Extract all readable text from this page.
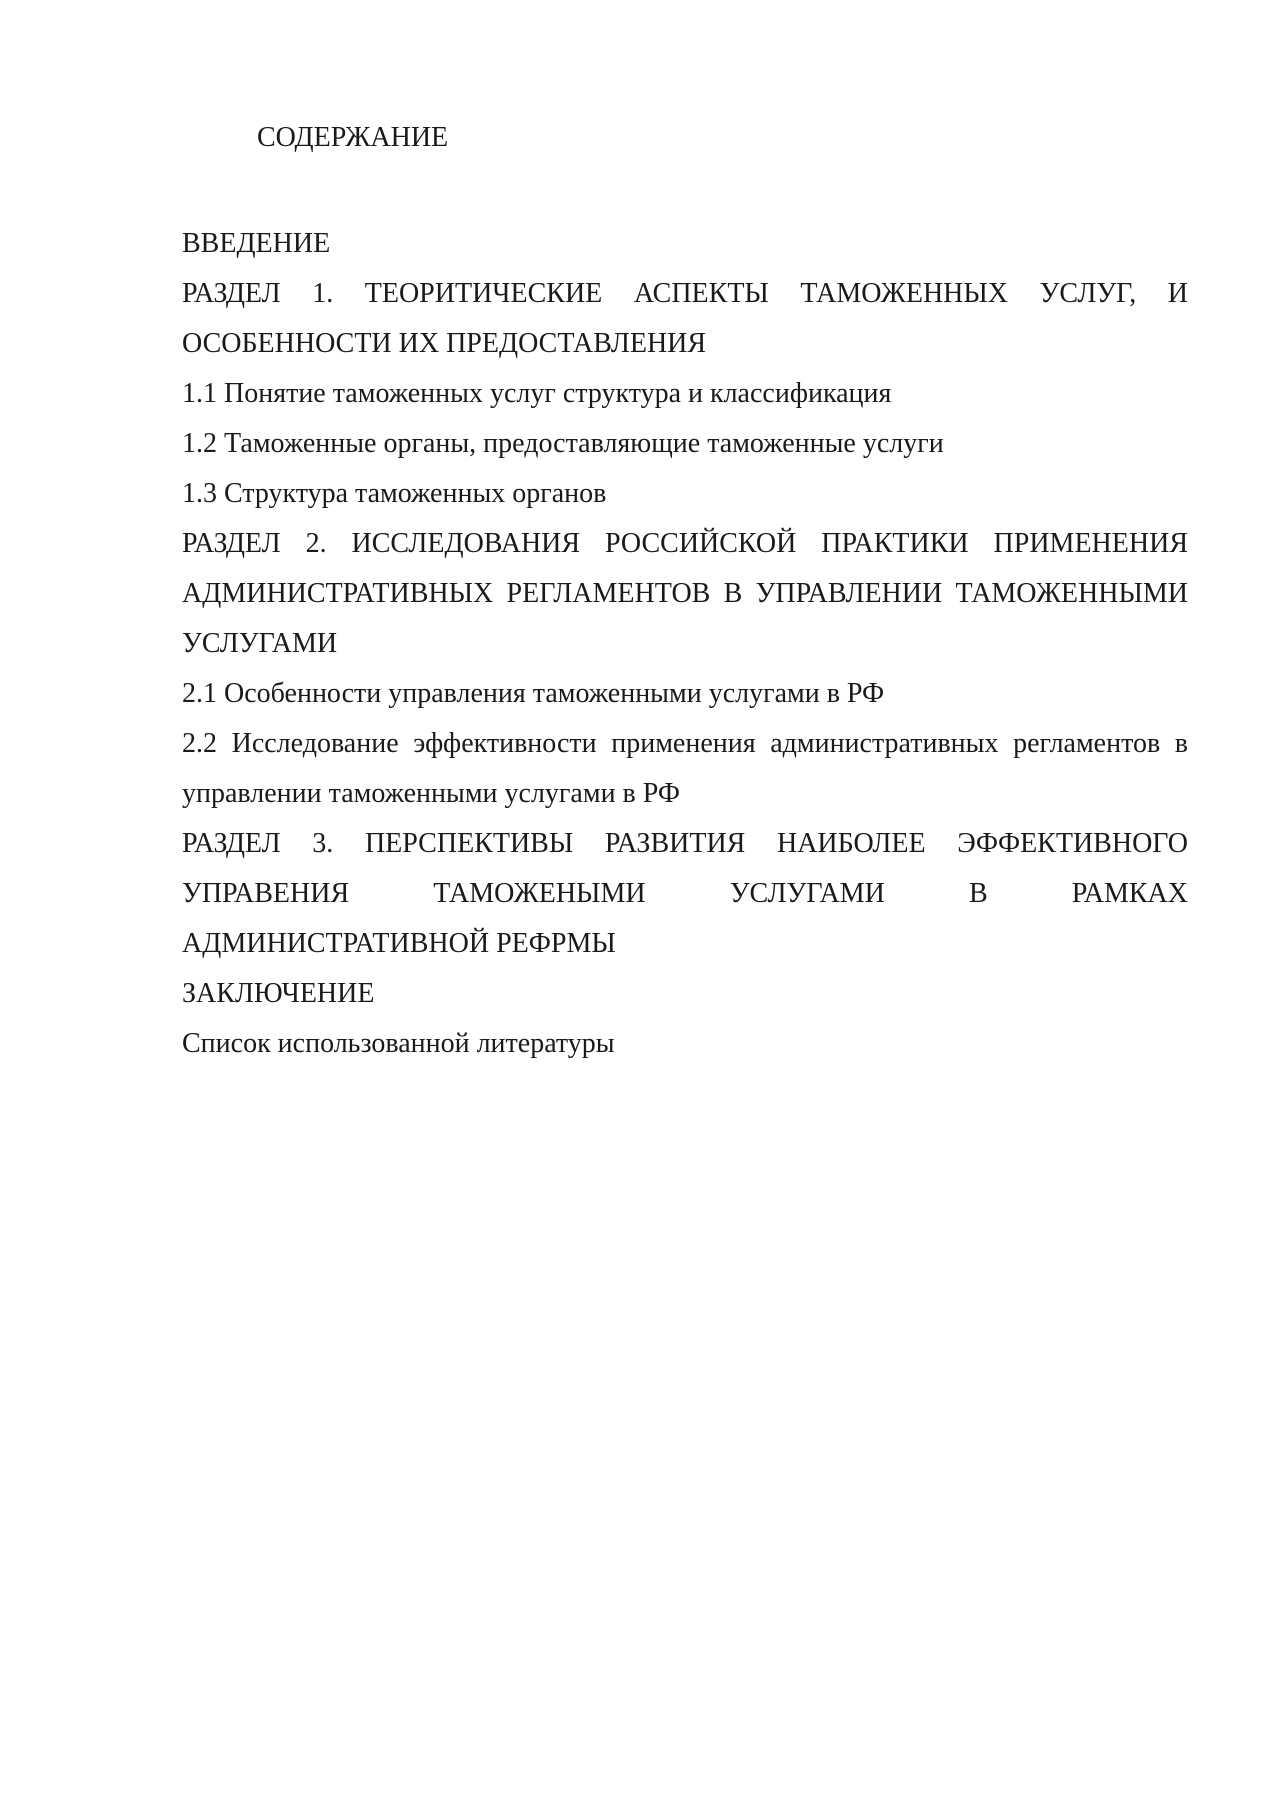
СОДЕРЖАНИЕ
ВВЕДЕНИЕ
РАЗДЕЛ 1. ТЕОРИТИЧЕСКИЕ АСПЕКТЫ ТАМОЖЕННЫХ УСЛУГ, И ОСОБЕННОСТИ ИХ ПРЕДОСТАВЛЕНИЯ
1.1 Понятие таможенных услуг структура и классификация
1.2 Таможенные органы, предоставляющие таможенные услуги
1.3 Структура таможенных органов
РАЗДЕЛ 2. ИССЛЕДОВАНИЯ РОССИЙСКОЙ ПРАКТИКИ ПРИМЕНЕНИЯ АДМИНИСТРАТИВНЫХ РЕГЛАМЕНТОВ В УПРАВЛЕНИИ ТАМОЖЕННЫМИ УСЛУГАМИ
2.1 Особенности управления таможенными услугами в РФ
2.2 Исследование эффективности применения административных регламентов в управлении таможенными услугами в РФ
РАЗДЕЛ 3. ПЕРСПЕКТИВЫ РАЗВИТИЯ НАИБОЛЕЕ ЭФФЕКТИВНОГО УПРАВЕНИЯ ТАМОЖЕНЫМИ УСЛУГАМИ В РАМКАХ АДМИНИСТРАТИВНОЙ РЕФРМЫ
ЗАКЛЮЧЕНИЕ
Список использованной литературы
